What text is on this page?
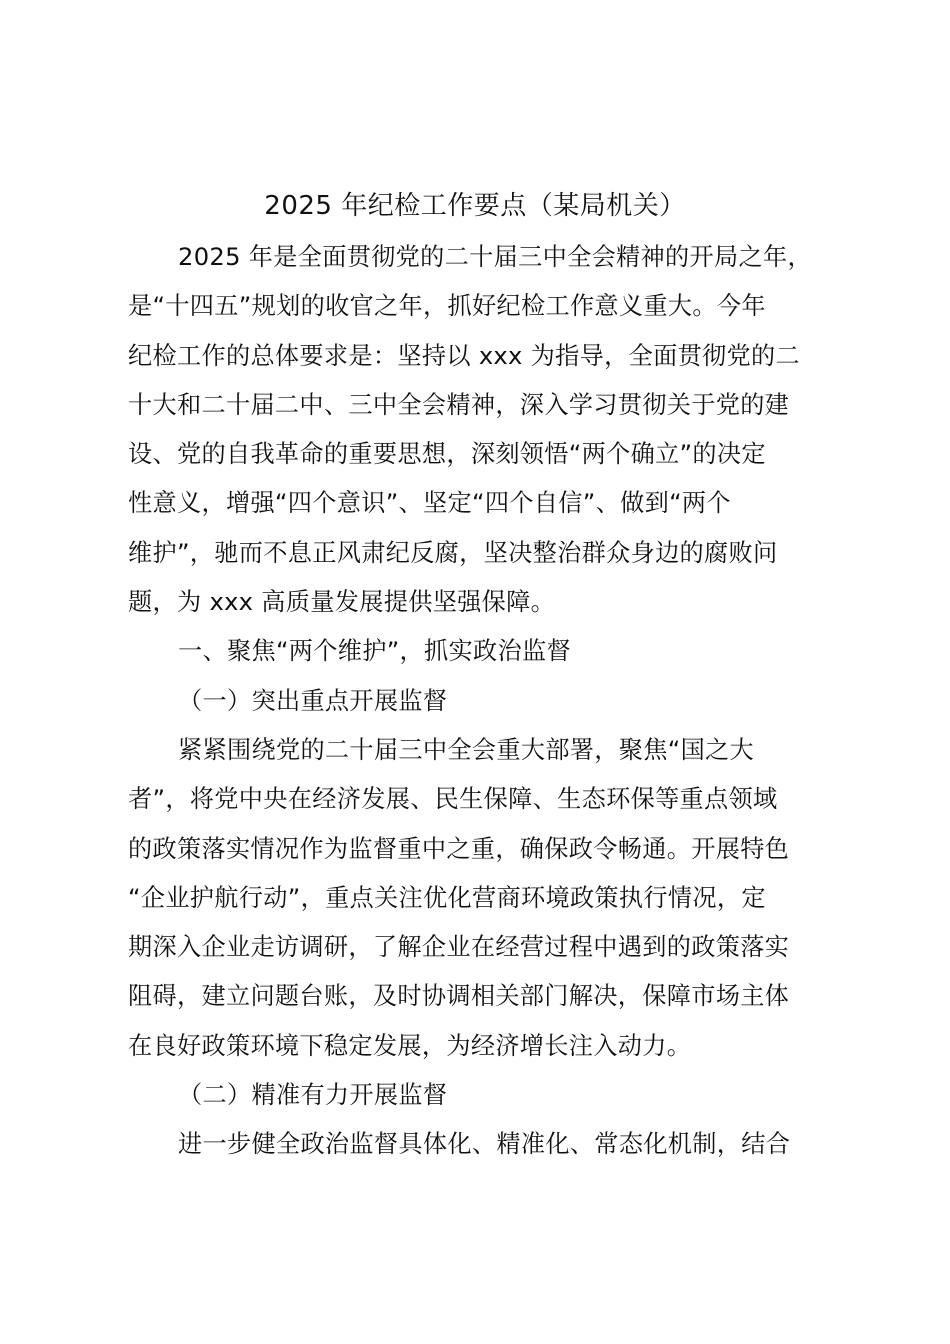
2025 年纪检工作要点（某局机关）
2025 年是全面贯彻党的二十届三中全会精神的开局之年，
是“十四五”规划的收官之年，抓好纪检工作意义重大。今年
纪检工作的总体要求是：坚持以 xxx 为指导，全面贯彻党的二
十大和二十届二中、三中全会精神，深入学习贯彻关于党的建
设、党的自我革命的重要思想，深刻领悟“两个确立”的决定
性意义，增强“四个意识”、坚定“四个自信”、做到“两个
维护”，驰而不息正风肃纪反腐，坚决整治群众身边的腐败问
题，为 xxx 高质量发展提供坚强保障。
一、聚焦“两个维护”，抓实政治监督
（一）突出重点开展监督
紧紧围绕党的二十届三中全会重大部署，聚焦“国之大
者”，将党中央在经济发展、民生保障、生态环保等重点领域
的政策落实情况作为监督重中之重，确保政令畅通。开展特色
“企业护航行动”，重点关注优化营商环境政策执行情况，定
期深入企业走访调研，了解企业在经营过程中遇到的政策落实
阻碍，建立问题台账，及时协调相关部门解决，保障市场主体
在良好政策环境下稳定发展，为经济增长注入动力。
（二）精准有力开展监督
进一步健全政治监督具体化、精准化、常态化机制，结合
